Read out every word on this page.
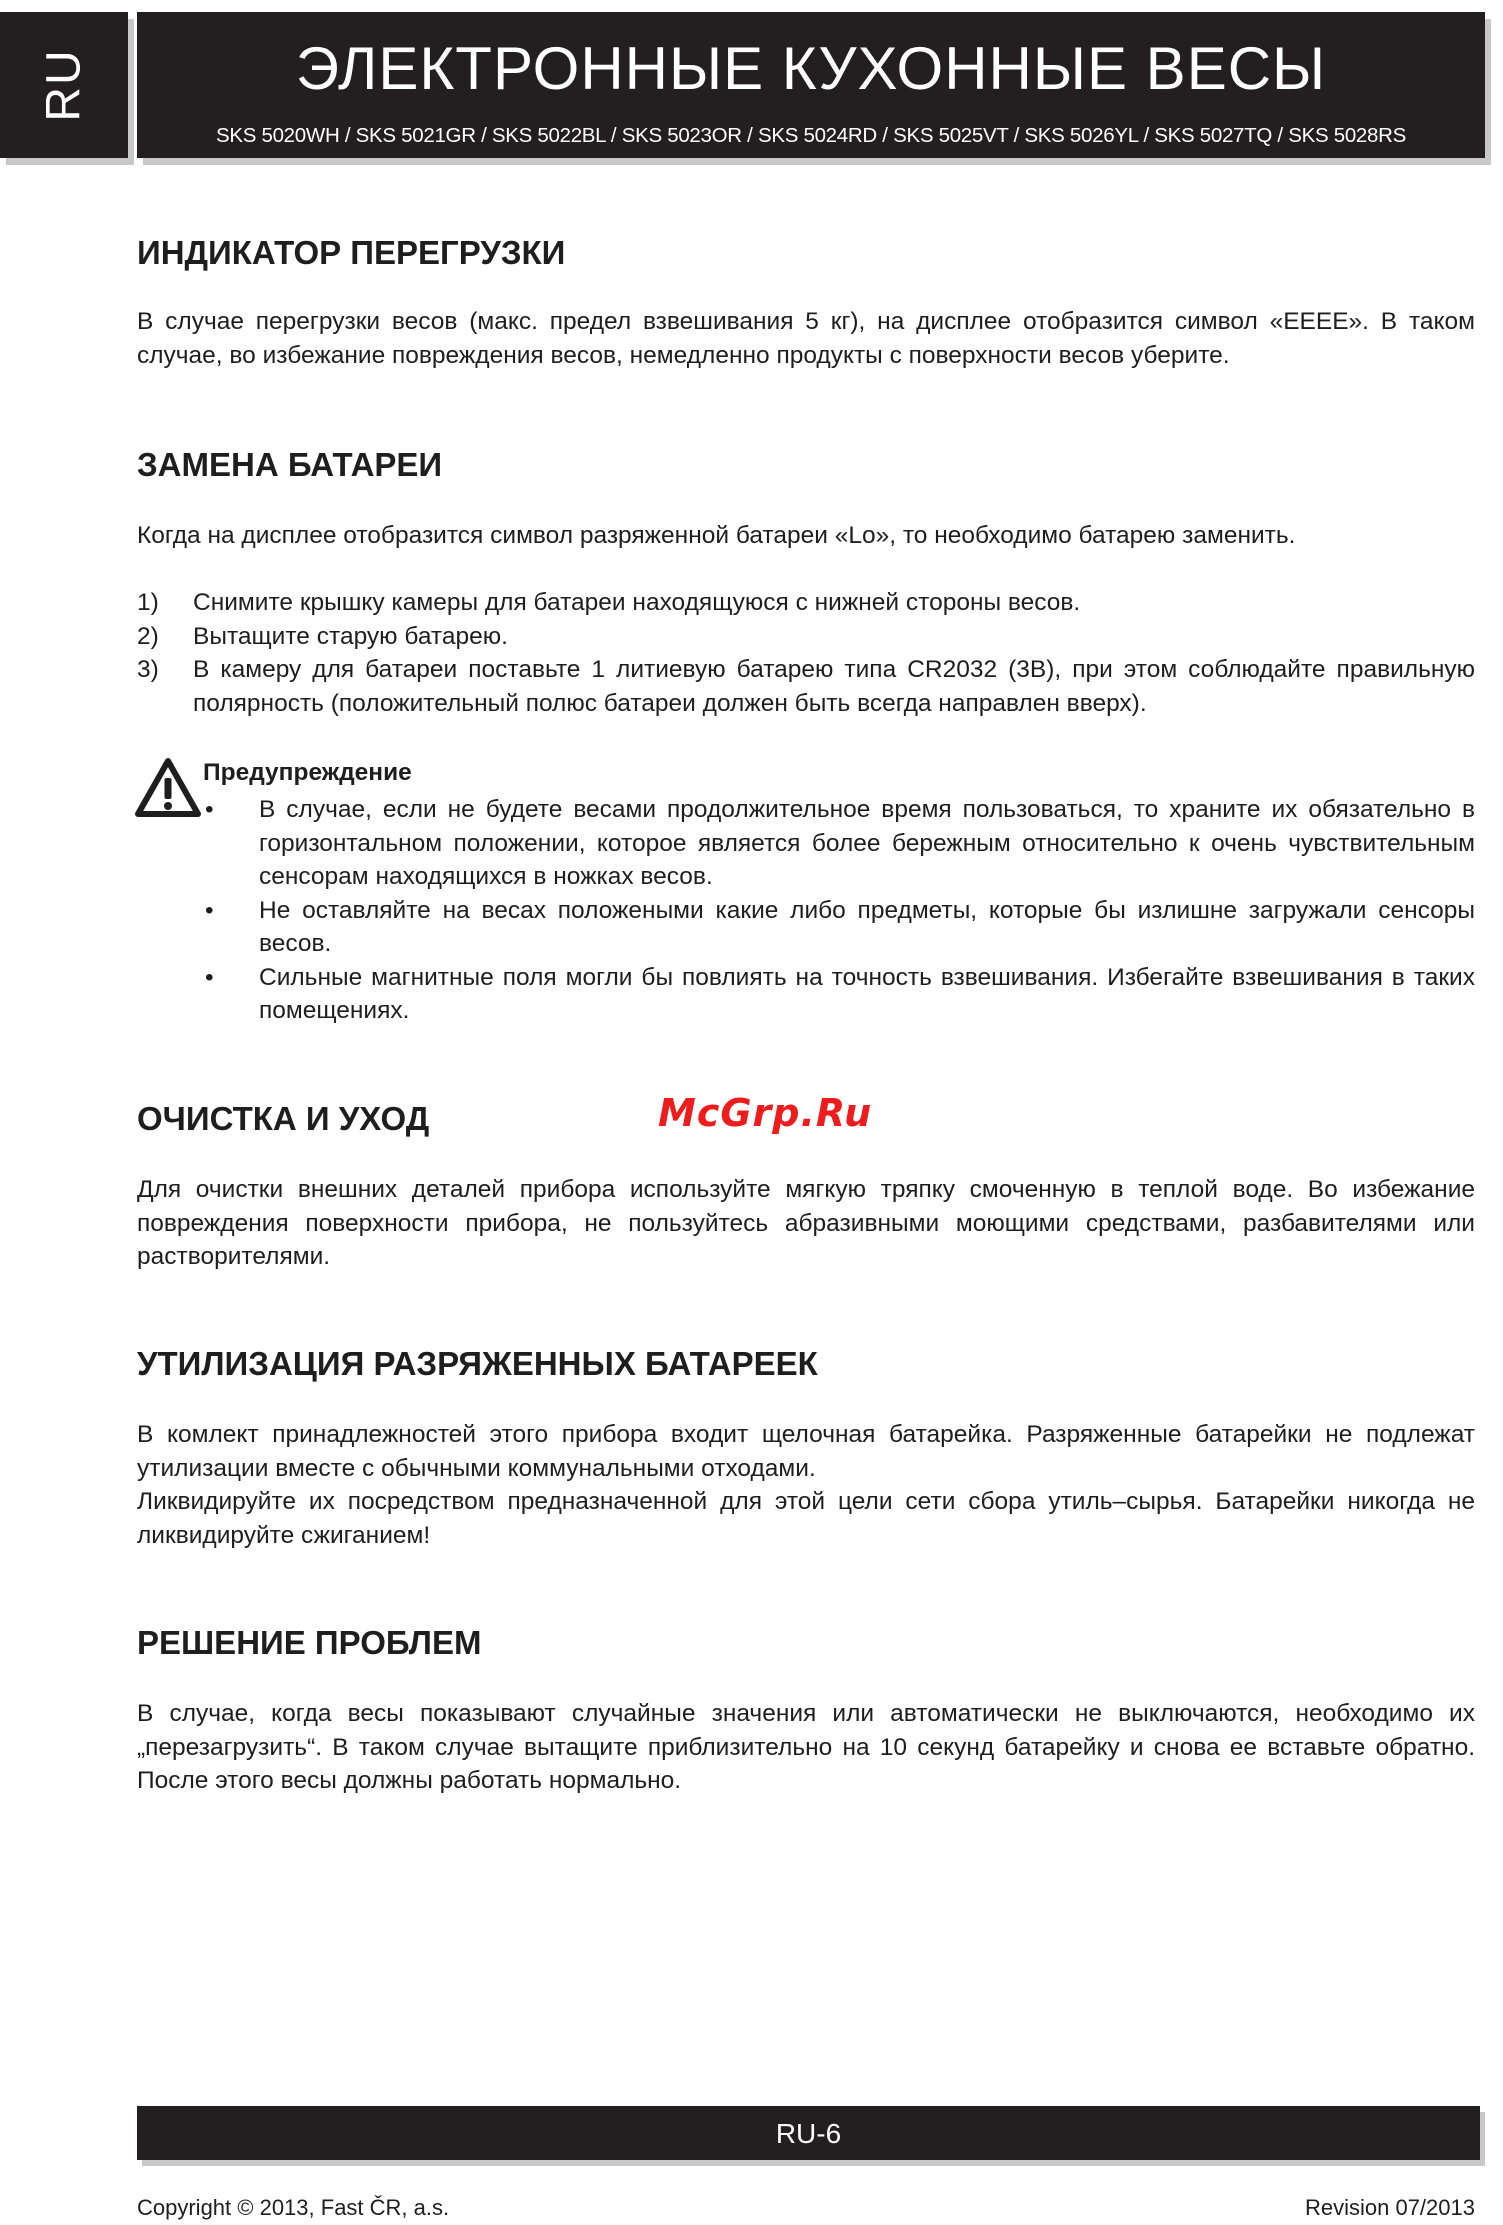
RU	ЭЛЕКТРОННЫЕ КУХОННЫЕ ВЕСЫ
SKS 5020WH / SKS 5021GR / SKS 5022BL / SKS 5023OR / SKS 5024RD / SKS 5025VT / SKS 5026YL / SKS 5027TQ / SKS 5028RS
ИНДИКАТОР ПЕРЕГРУЗКИ

В случае перегрузки весов (макс. предел взвешивания 5 кг), на дисплее отобразится символ «EEEE». В таком случае, во избежание повреждения весов, немедленно продукты с поверхности весов уберите.

ЗАМЕНА БАТАРЕИ

Когда на дисплее отобразится символ разряженной батареи «Lo», то необходимо батарею заменить.

1) Снимите крышку камеры для батареи находящуюся с нижней стороны весов.
2) Вытащите старую батарею.
3) В камеру для батареи поставьте 1 литиевую батарею типа CR2032 (3В), при этом соблюдайте правильную полярность (положительный полюс батареи должен быть всегда направлен вверх).
Предупреждение
• В случае, если не будете весами продолжительное время пользоваться, то храните их обязательно в горизонтальном положении, которое является более бережным относительно к очень чувствительным сенсорам находящихся в ножках весов.
• Не оставляйте на весах положеными какие либо предметы, которые бы излишне загружали сенсоры весов.
• Сильные магнитные поля могли бы повлиять на точность взвешивания. Избегайте взвешивания в таких помещениях.
ОЧИСТКА И УХОД	McGrp.Ru

Для очистки внешних деталей прибора используйте мягкую тряпку смоченную в теплой воде. Во избежание повреждения поверхности прибора, не пользуйтесь абразивными моющими средствами, разбавителями или растворителями.

УТИЛИЗАЦИЯ РАЗРЯЖЕННЫХ БАТАРЕЕК

В комлект принадлежностей этого прибора входит щелочная батарейка. Разряженные батарейки не подлежат утилизации вместе с обычными коммунальными отходами.

Ликвидируйте их посредством предназначенной для этой цели сети сбора утиль–сырья. Батарейки никогда не ликвидируйте сжиганием!

РЕШЕНИЕ ПРОБЛЕМ

В случае, когда весы показывают случайные значения или автоматически не выключаются, необходимо их „перезагрузить“. В таком случае вытащите приблизительно на 10 секунд батарейку и снова ее вставьте обратно. После этого весы должны работать нормально.

RU-6
Copyright © 2013, Fast ČR, a.s.	Revision 07/2013
